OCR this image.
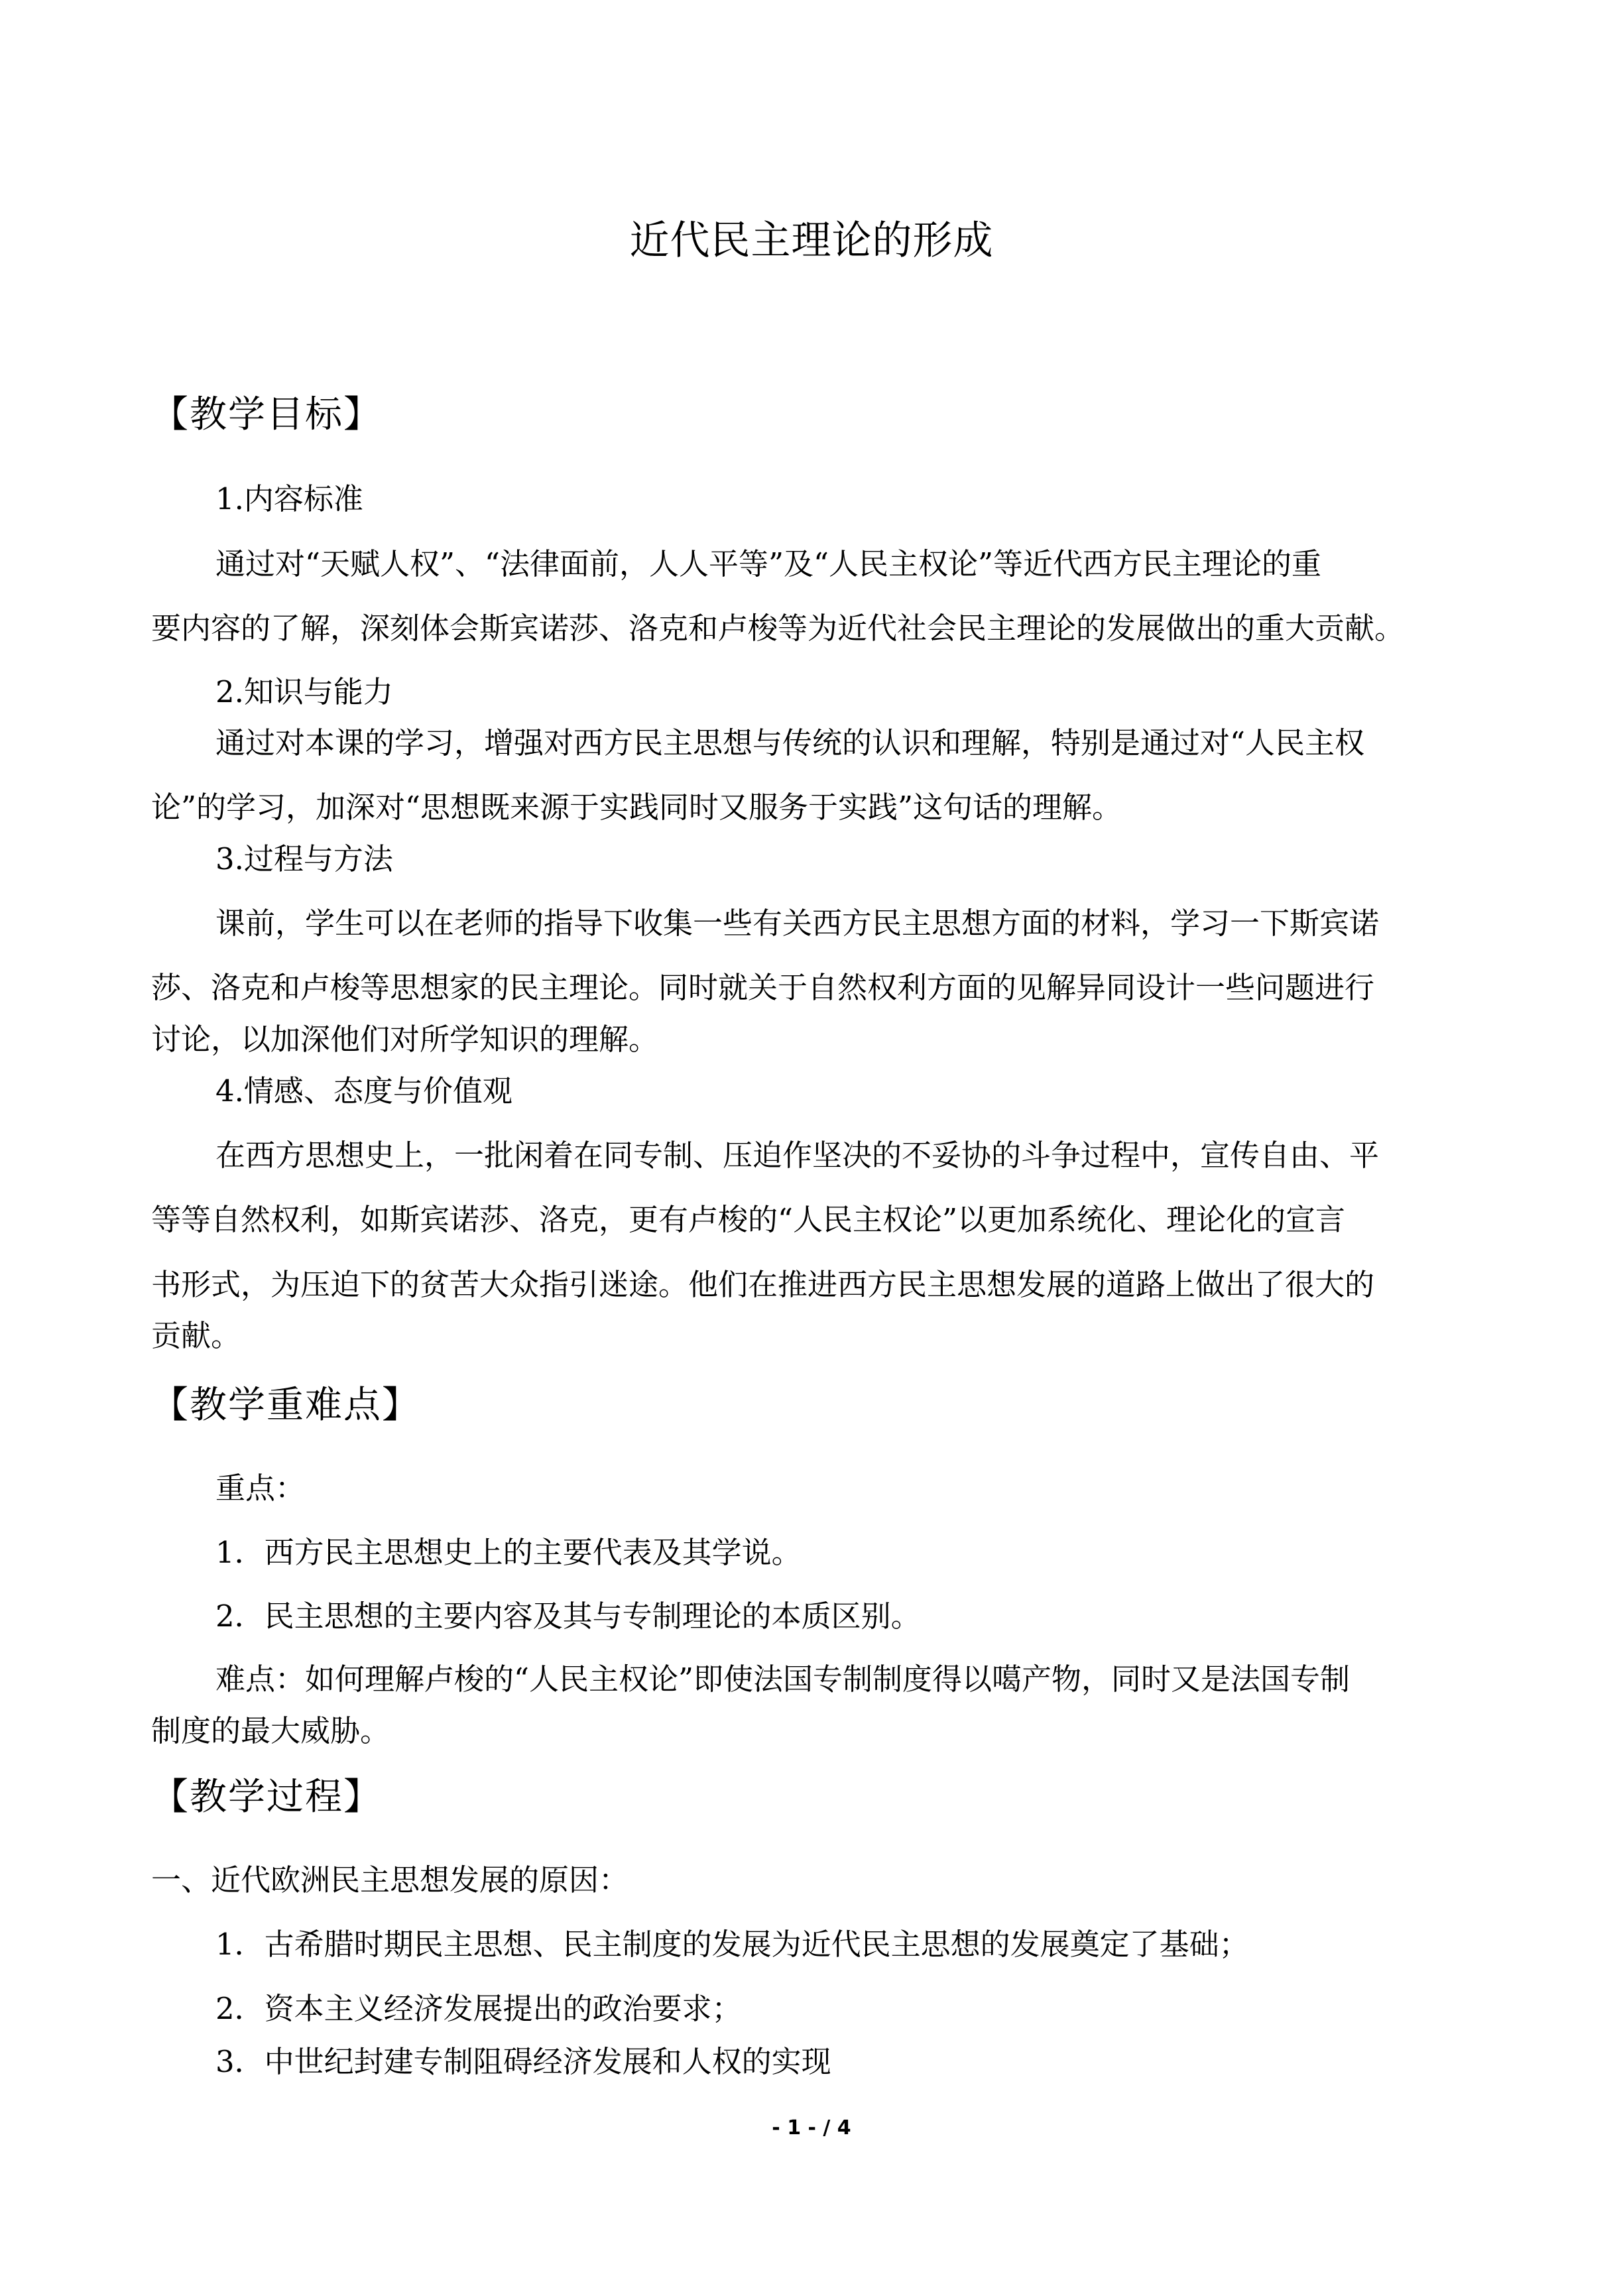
近代民主理论的形成
【教学目标】
1.内容标准
通过对“天赋人权”、“法律面前，人人平等”及“人民主权论”等近代西方民主理论的重
要内容的了解，深刻体会斯宾诺莎、洛克和卢梭等为近代社会民主理论的发展做出的重大贡献。
2.知识与能力
通过对本课的学习，增强对西方民主思想与传统的认识和理解，特别是通过对“人民主权
论”的学习，加深对“思想既来源于实践同时又服务于实践”这句话的理解。
3.过程与方法
课前，学生可以在老师的指导下收集一些有关西方民主思想方面的材料，学习一下斯宾诺
莎、洛克和卢梭等思想家的民主理论。同时就关于自然权利方面的见解异同设计一些问题进行
讨论，以加深他们对所学知识的理解。
4.情感、态度与价值观
在西方思想史上，一批闲着在同专制、压迫作坚决的不妥协的斗争过程中，宣传自由、平
等等自然权利，如斯宾诺莎、洛克，更有卢梭的“人民主权论”以更加系统化、理论化的宣言
书形式，为压迫下的贫苦大众指引迷途。他们在推进西方民主思想发展的道路上做出了很大的
贡献。
【教学重难点】
重点：
1．西方民主思想史上的主要代表及其学说。
2．民主思想的主要内容及其与专制理论的本质区别。
难点：如何理解卢梭的“人民主权论”即使法国专制制度得以噶产物，同时又是法国专制
制度的最大威胁。
【教学过程】
一、近代欧洲民主思想发展的原因：
1．古希腊时期民主思想、民主制度的发展为近代民主思想的发展奠定了基础；
2．资本主义经济发展提出的政治要求；
3．中世纪封建专制阻碍经济发展和人权的实现
- 1 - / 4
